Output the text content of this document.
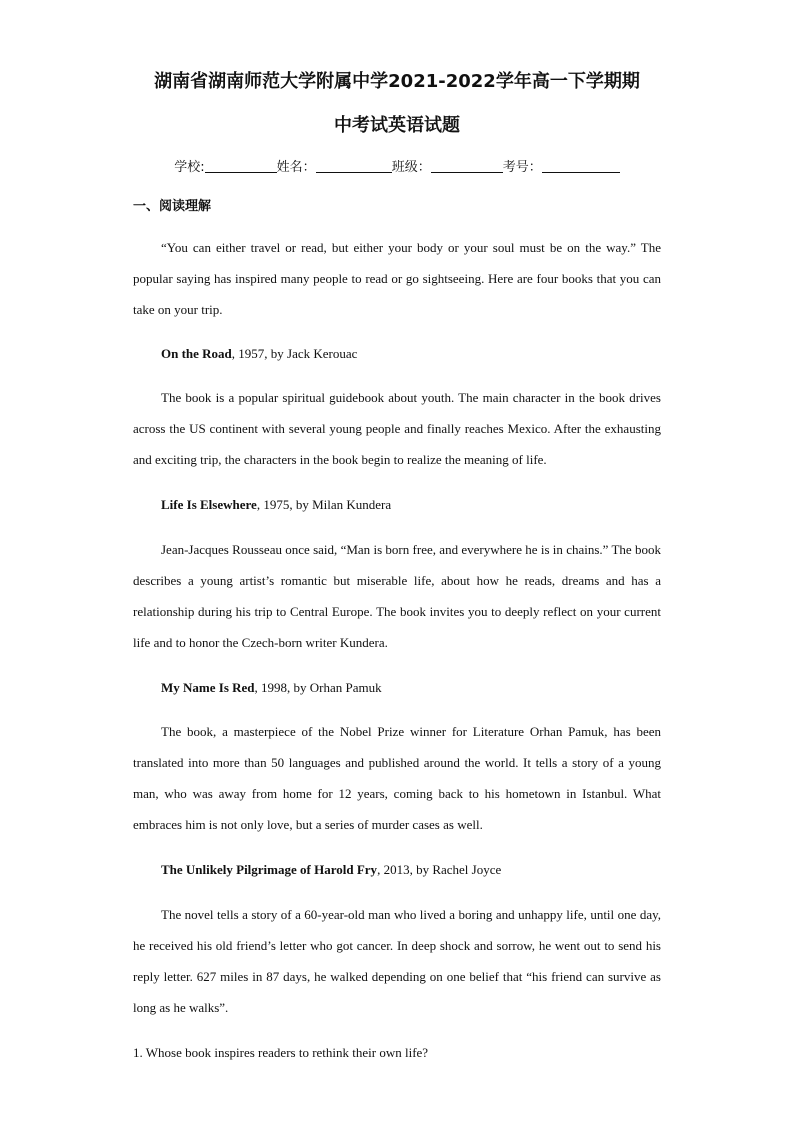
湖南省湖南师范大学附属中学2021-2022学年高一下学期期
中考试英语试题
学校:	姓名：	班级：	考号：
一、阅读理解

“You can either travel or read, but either your body or your soul must be on the way.” The popular saying has inspired many people to read or go sightseeing. Here are four books that you can take on your trip.

On the Road, 1957, by Jack Kerouac

The book is a popular spiritual guidebook about youth. The main character in the book drives across the US continent with several young people and finally reaches Mexico. After the exhausting and exciting trip, the characters in the book begin to realize the meaning of life.

Life Is Elsewhere, 1975, by Milan Kundera

Jean-Jacques Rousseau once said, “Man is born free, and everywhere he is in chains.” The book describes a young artist’s romantic but miserable life, about how he reads, dreams and has a relationship during his trip to Central Europe. The book invites you to deeply reflect on your current life and to honor the Czech-born writer Kundera.

My Name Is Red, 1998, by Orhan Pamuk

The book, a masterpiece of the Nobel Prize winner for Literature Orhan Pamuk, has been translated into more than 50 languages and published around the world. It tells a story of a young man, who was away from home for 12 years, coming back to his hometown in Istanbul. What embraces him is not only love, but a series of murder cases as well.

The Unlikely Pilgrimage of Harold Fry, 2013, by Rachel Joyce

The novel tells a story of a 60-year-old man who lived a boring and unhappy life, until one day, he received his old friend’s letter who got cancer. In deep shock and sorrow, he went out to send his reply letter. 627 miles in 87 days, he walked depending on one belief that “his friend can survive as long as he walks”.

1. Whose book inspires readers to rethink their own life?
